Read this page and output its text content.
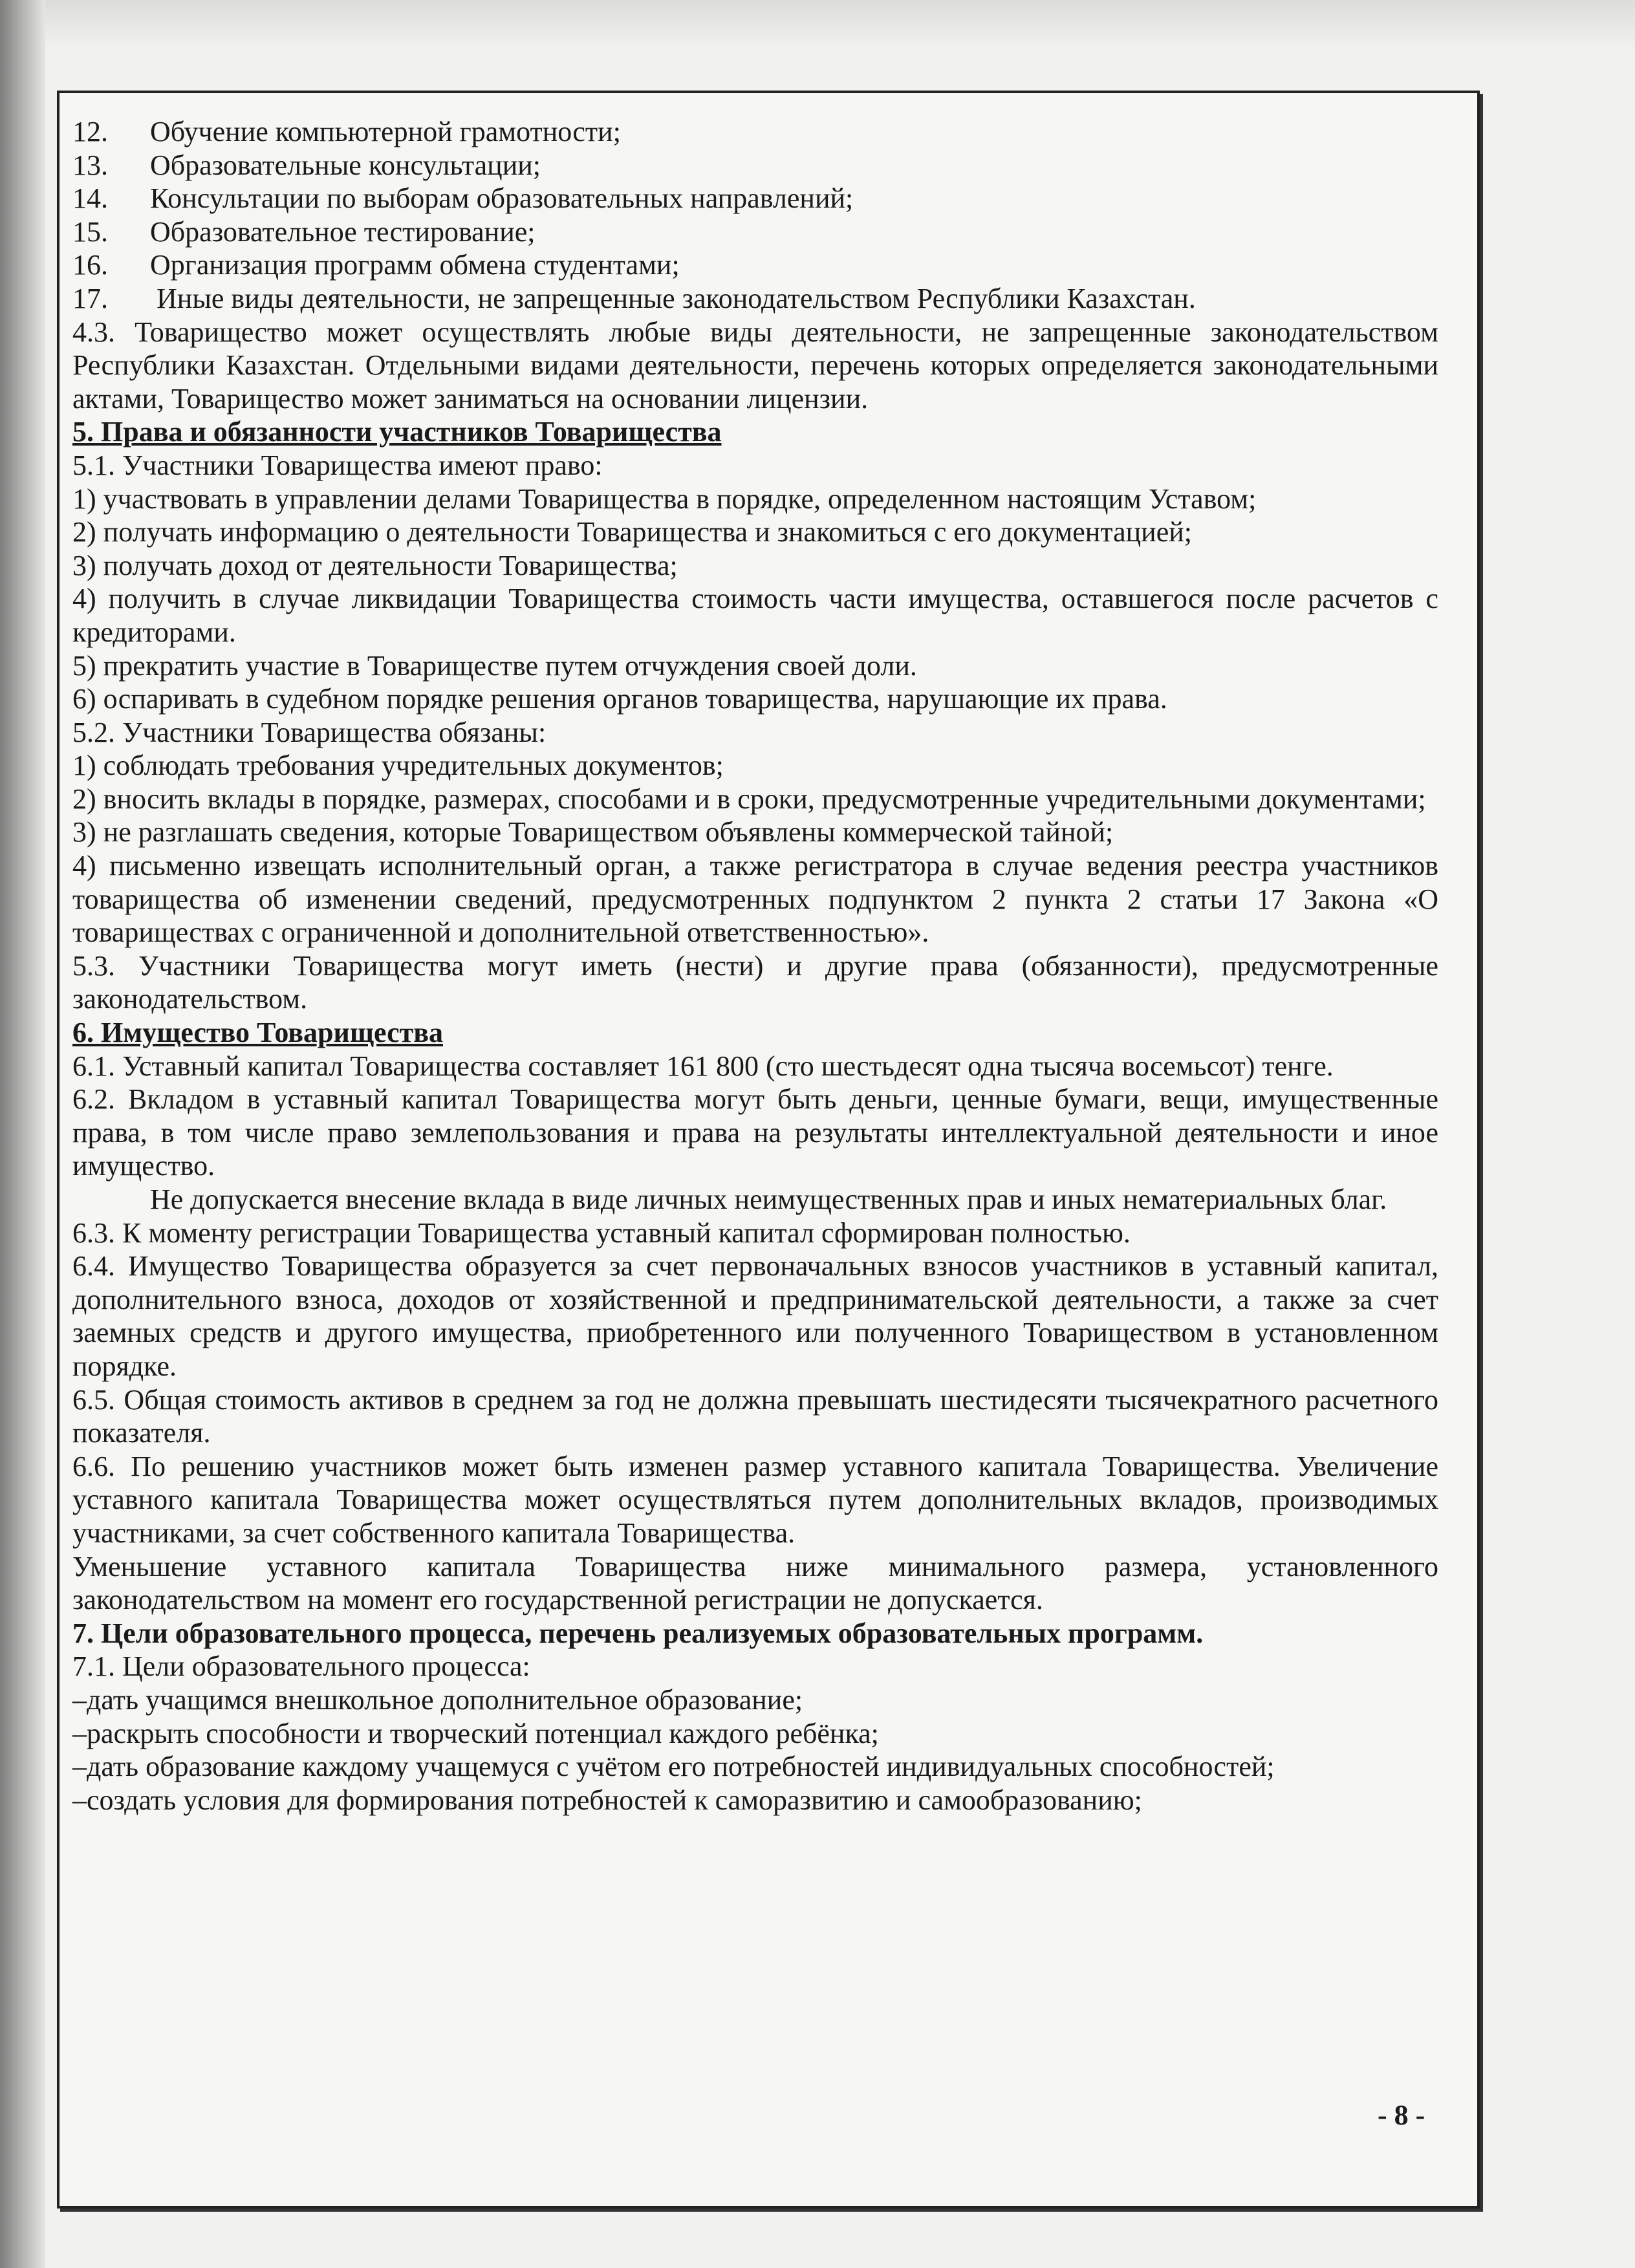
12. Обучение компьютерной грамотности;

13. Образовательные консультации;

14. Консультации по выборам образовательных направлений;

15. Образовательное тестирование;

16. Организация программ обмена студентами;

17. Иные виды деятельности, не запрещенные законодательством Республики Казахстан.

4.3. Товарищество может осуществлять любые виды деятельности, не запрещенные законодательством Республики Казахстан. Отдельными видами деятельности, перечень которых определяется законодательными актами, Товарищество может заниматься на основании лицензии.

5. Права и обязанности участников Товарищества

5.1. Участники Товарищества имеют право:

1) участвовать в управлении делами Товарищества в порядке, определенном настоящим Уставом;

2) получать информацию о деятельности Товарищества и знакомиться с его документацией;

3) получать доход от деятельности Товарищества;

4) получить в случае ликвидации Товарищества стоимость части имущества, оставшегося после расчетов с кредиторами.

5) прекратить участие в Товариществе путем отчуждения своей доли.

6) оспаривать в судебном порядке решения органов товарищества, нарушающие их права.

5.2. Участники Товарищества обязаны:

1) соблюдать требования учредительных документов;

2) вносить вклады в порядке, размерах, способами и в сроки, предусмотренные учредительными документами;

3) не разглашать сведения, которые Товариществом объявлены коммерческой тайной;

4) письменно извещать исполнительный орган, а также регистратора в случае ведения реестра участников товарищества об изменении сведений, предусмотренных подпунктом 2 пункта 2 статьи 17 Закона «О товариществах с ограниченной и дополнительной ответственностью».

5.3. Участники Товарищества могут иметь (нести) и другие права (обязанности), предусмотренные законодательством.

6. Имущество Товарищества

6.1. Уставный капитал Товарищества составляет 161 800 (сто шестьдесят одна тысяча восемьсот) тенге.

6.2. Вкладом в уставный капитал Товарищества могут быть деньги, ценные бумаги, вещи, имущественные права, в том числе право землепользования и права на результаты интеллектуальной деятельности и иное имущество.

Не допускается внесение вклада в виде личных неимущественных прав и иных нематериальных благ.

6.3. К моменту регистрации Товарищества уставный капитал сформирован полностью.

6.4. Имущество Товарищества образуется за счет первоначальных взносов участников в уставный капитал, дополнительного взноса, доходов от хозяйственной и предпринимательской деятельности, а также за счет заемных средств и другого имущества, приобретенного или полученного Товариществом в установленном порядке.

6.5. Общая стоимость активов в среднем за год не должна превышать шестидесяти тысячекратного расчетного показателя.

6.6. По решению участников может быть изменен размер уставного капитала Товарищества. Увеличение уставного капитала Товарищества может осуществляться путем дополнительных вкладов, производимых участниками, за счет собственного капитала Товарищества.

Уменьшение уставного капитала Товарищества ниже минимального размера, установленного законодательством на момент его государственной регистрации не допускается.

7. Цели образовательного процесса, перечень реализуемых образовательных программ.

7.1. Цели образовательного процесса:

–дать учащимся внешкольное дополнительное образование;

–раскрыть способности и творческий потенциал каждого ребёнка;

–дать образование каждому учащемуся с учётом его потребностей индивидуальных способностей;

–создать условия для формирования потребностей к саморазвитию и самообразованию;

- 8 -
